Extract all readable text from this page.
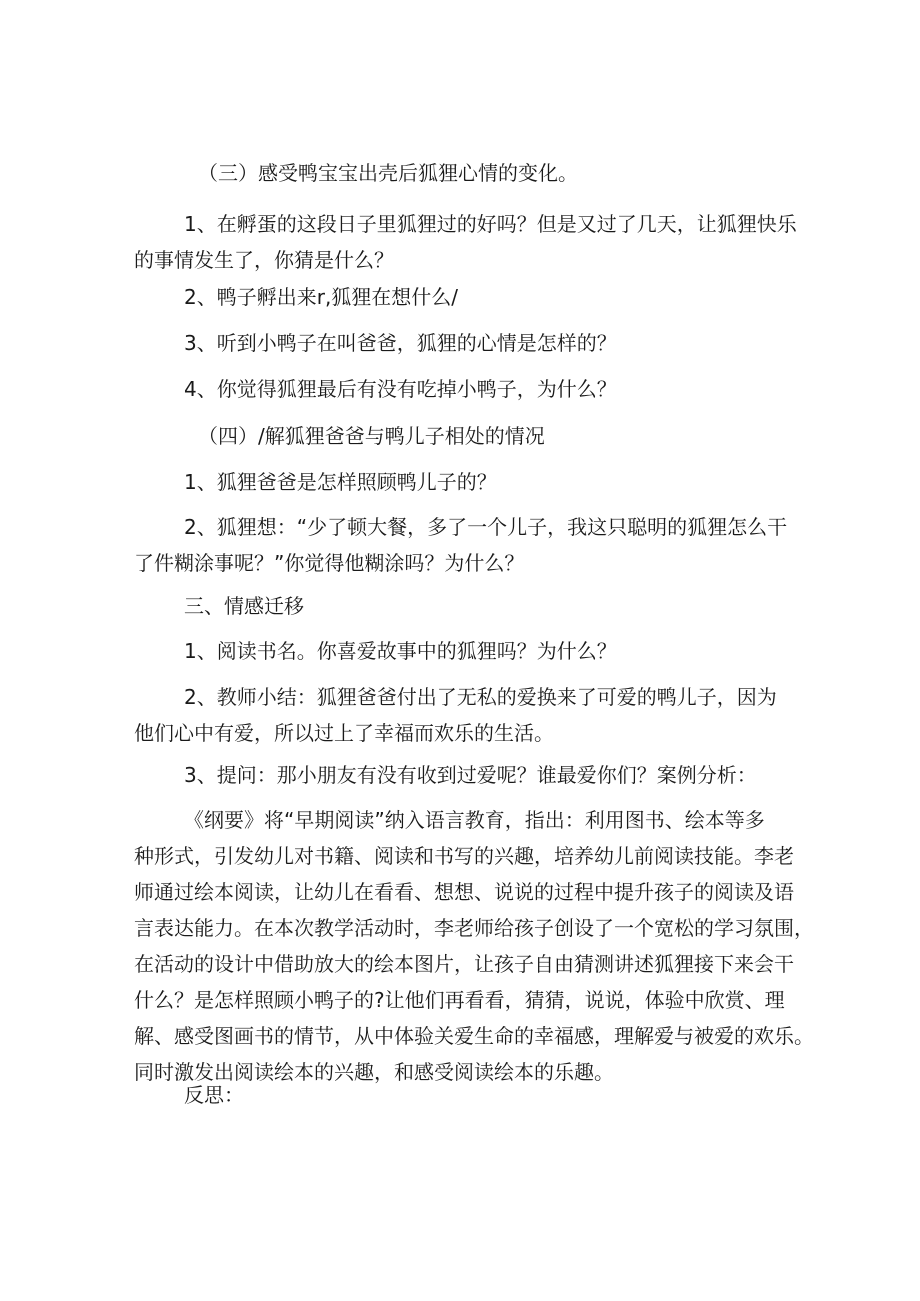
（三）感受鸭宝宝出壳后狐狸心情的变化。

1、在孵蛋的这段日子里狐狸过的好吗？但是又过了几天，让狐狸快乐
的事情发生了，你猜是什么？

2、鸭子孵出来r,狐狸在想什么/

3、听到小鸭子在叫爸爸，狐狸的心情是怎样的？

4、你觉得狐狸最后有没有吃掉小鸭子，为什么？

（四）/解狐狸爸爸与鸭儿子相处的情况

1、狐狸爸爸是怎样照顾鸭儿子的？

2、狐狸想：“少了顿大餐，多了一个儿子，我这只聪明的狐狸怎么干
了件糊涂事呢？”你觉得他糊涂吗？为什么？

三、情感迁移

1、阅读书名。你喜爱故事中的狐狸吗？为什么？

2、教师小结：狐狸爸爸付出了无私的爱换来了可爱的鸭儿子，因为
他们心中有爱，所以过上了幸福而欢乐的生活。

3、提问：那小朋友有没有收到过爱呢？谁最爱你们？案例分析：

《纲要》将“早期阅读”纳入语言教育，指出：利用图书、绘本等多
种形式，引发幼儿对书籍、阅读和书写的兴趣，培养幼儿前阅读技能。李老
师通过绘本阅读，让幼儿在看看、想想、说说的过程中提升孩子的阅读及语
言表达能力。在本次教学活动时，李老师给孩子创设了一个宽松的学习氛围，
在活动的设计中借助放大的绘本图片，让孩子自由猜测讲述狐狸接下来会干
什么？是怎样照顾小鸭子的?让他们再看看，猜猜，说说，体验中欣赏、理
解、感受图画书的情节，从中体验关爱生命的幸福感，理解爱与被爱的欢乐。
同时激发出阅读绘本的兴趣，和感受阅读绘本的乐趣。

反思：
